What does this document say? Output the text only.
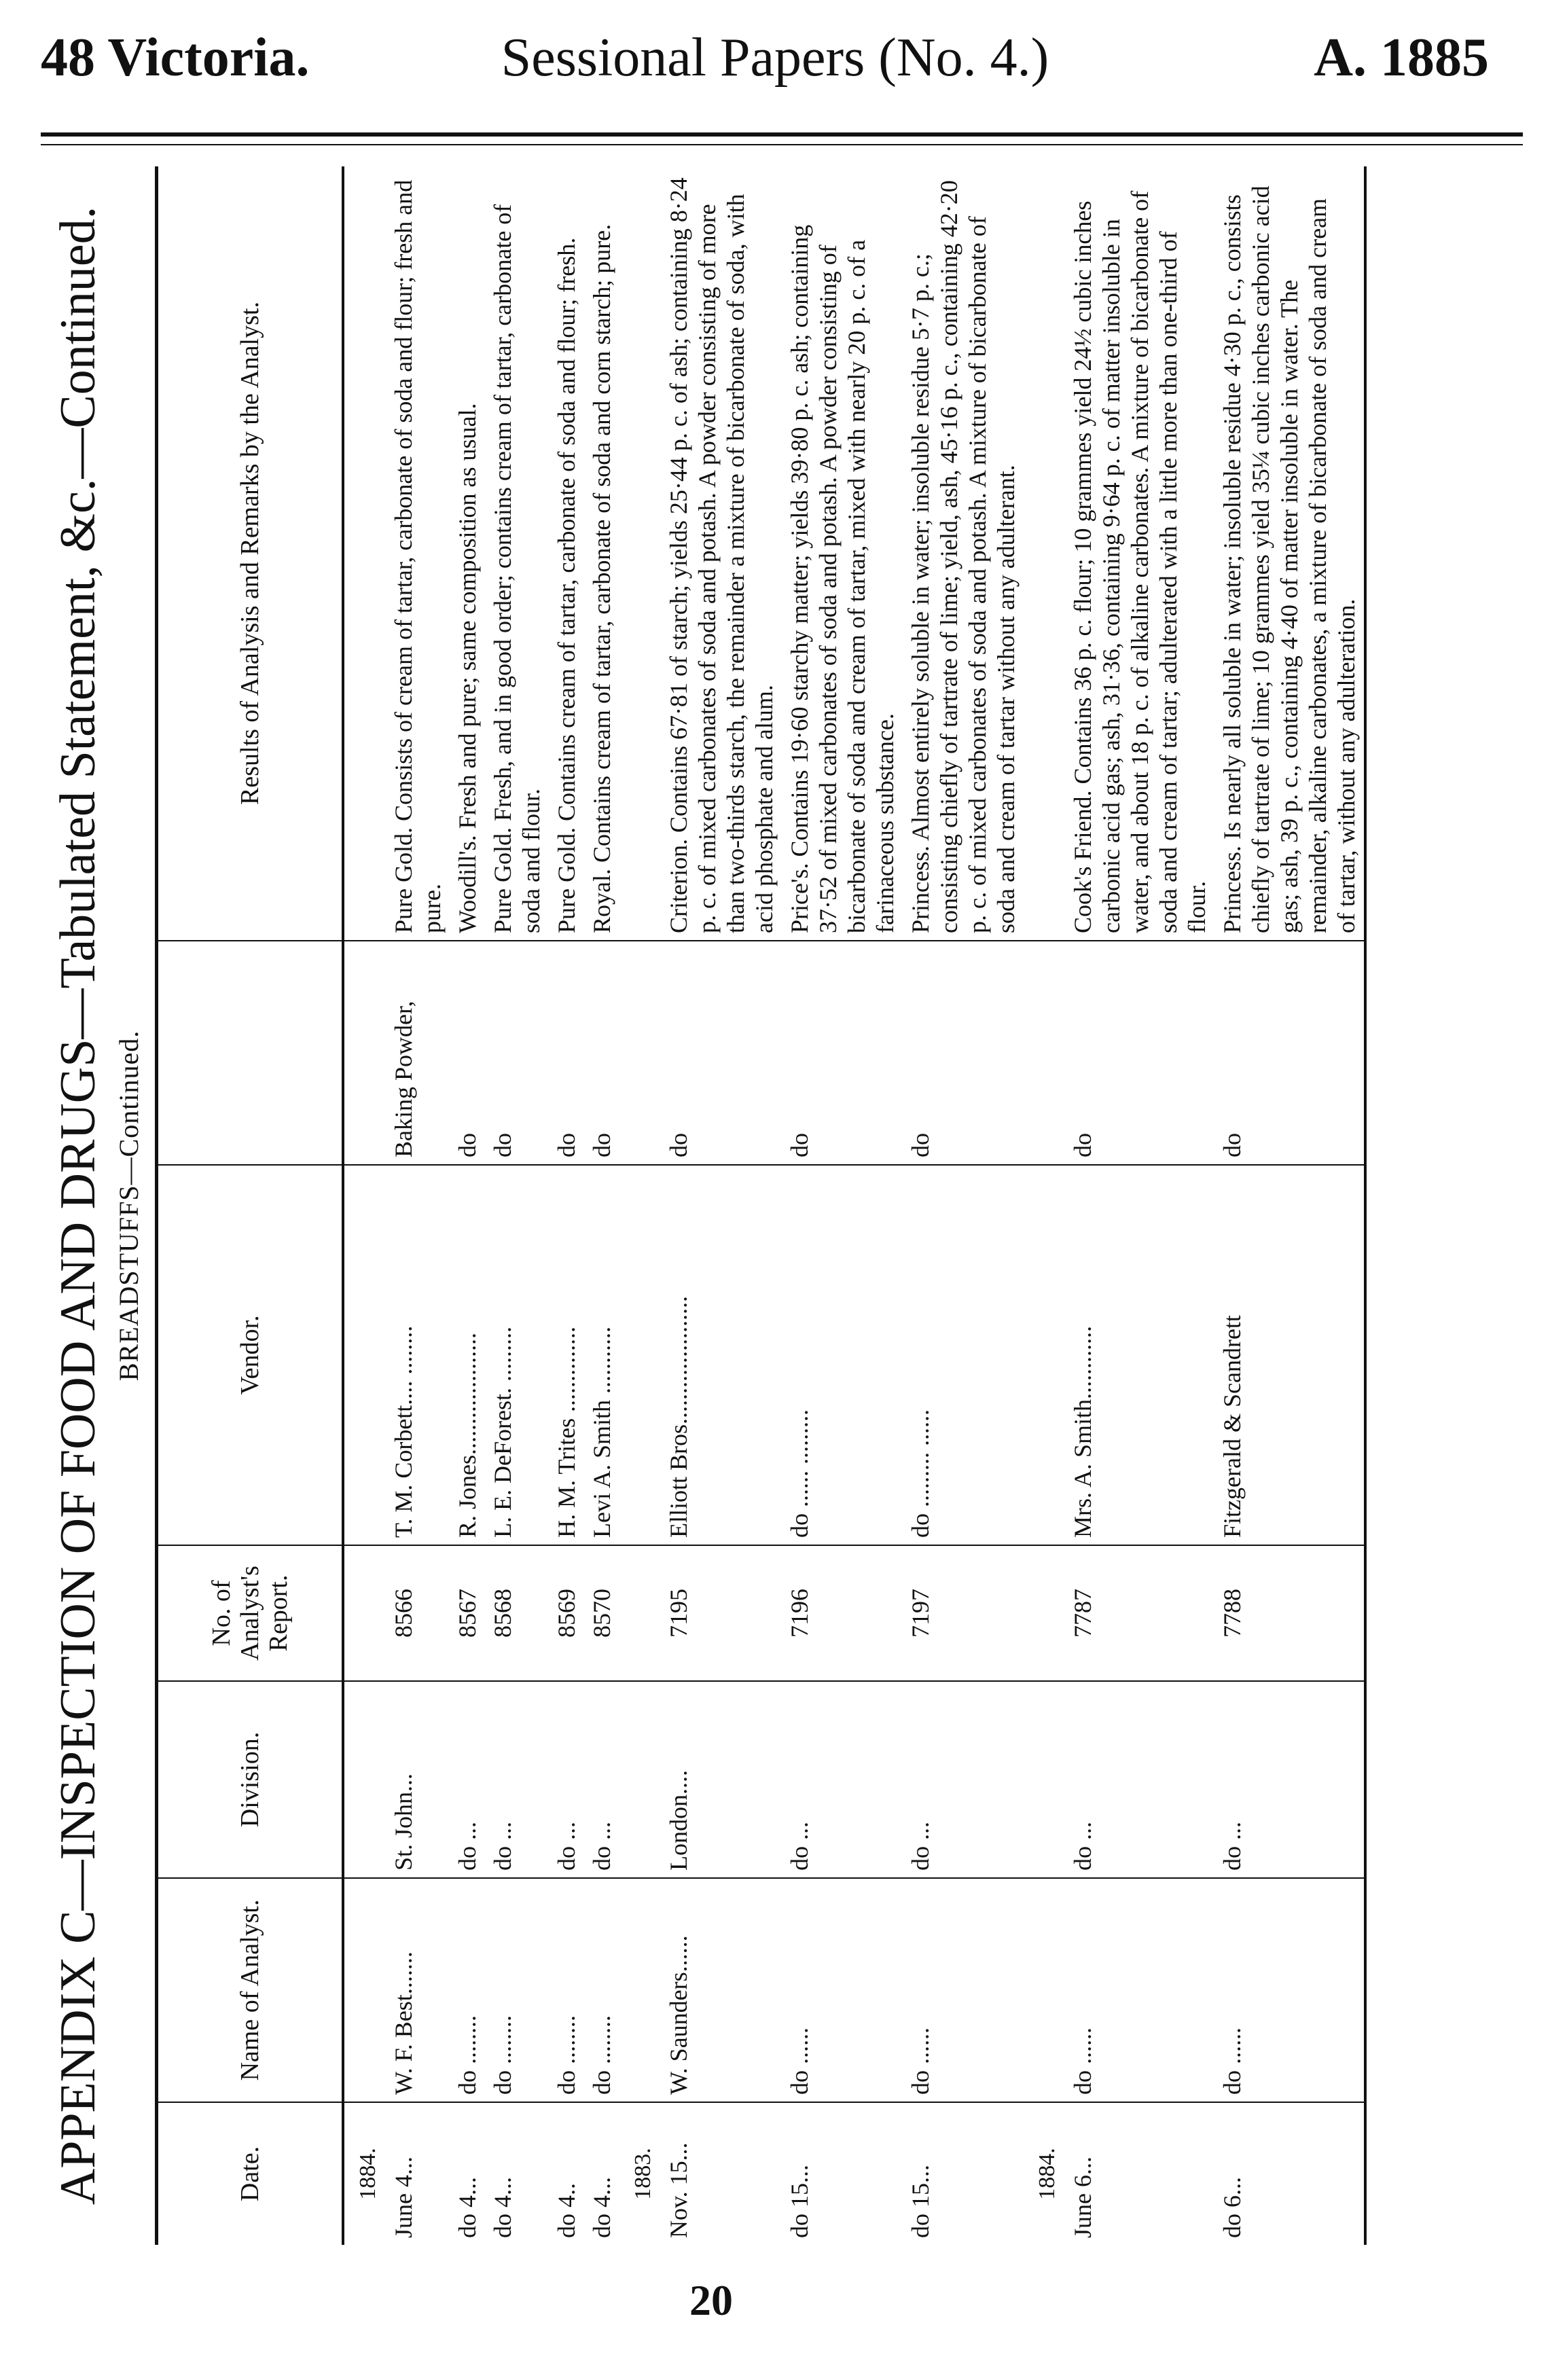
48 Victoria.	Sessional Papers (No. 4.)	A. 1885
APPENDIX C—INSPECTION OF FOOD AND DRUGS—Tabulated Statement, &c.—Continued. BREADSTUFFS—Continued.
Date.	Name of Analyst.	Division.	No. of Analyst's Report.	Vendor.		Results of Analysis and Remarks by the Analyst.
1884.						
June 4...	W. F. Best.......	St. John...	8566	T. M. Corbett.... ........	Baking Powder,	Pure Gold. Consists of cream of tartar, carbonate of soda and flour; fresh and pure.
do 4...	do ........	do ...	8567	R. Jones....................	do	Woodill's. Fresh and pure; same composition as usual.
do 4...	do ........	do ...	8568	L. E. DeForest. .........	do	Pure Gold. Fresh, and in good order; contains cream of tartar, carbonate of soda and flour.
do 4..	do ........	do ...	8569	H. M. Trites ..............	do	Pure Gold. Contains cream of tartar, carbonate of soda and flour; fresh.
do 4...	do ........	do ...	8570	Levi A. Smith ...........	do	Royal. Contains cream of tartar, carbonate of soda and corn starch; pure.
1883.						
Nov. 15...	W. Saunders......	London....	7195	Elliott Bros.....................	do	Criterion. Contains 67·81 of starch; yields 25·44 p. c. of ash; containing 8·24 p. c. of mixed carbonates of soda and potash. A powder consisting of more than two-thirds starch, the remainder a mixture of bicarbonate of soda, with acid phosphate and alum.
do 15...	do ......	do ...	7196	do ...... .........	do	Price's. Contains 19·60 starchy matter; yields 39·80 p. c. ash; containing 37·52 of mixed carbonates of soda and potash. A powder consisting of bicarbonate of soda and cream of tartar, mixed with nearly 20 p. c. of a farinaceous substance.
do 15...	do ......	do ...	7197	do ......... ......	do	Princess. Almost entirely soluble in water; insoluble residue 5·7 p. c.; consisting chiefly of tartrate of lime; yield, ash, 45·16 p. c., containing 42·20 p. c. of mixed carbonates of soda and potash. A mixture of bicarbonate of soda and cream of tartar without any adulterant.
1884.						
June 6...	do ......	do ...	7787	Mrs. A. Smith............	do	Cook's Friend. Contains 36 p. c. flour; 10 grammes yield 24½ cubic inches carbonic acid gas; ash, 31·36, containing 9·64 p. c. of matter insoluble in water, and about 18 p. c. of alkaline carbonates. A mixture of bicarbonate of soda and cream of tartar; adulterated with a little more than one-third of flour.
do 6...	do ......	do ...	7788	Fitzgerald & Scandrett	do	Princess. Is nearly all soluble in water; insoluble residue 4·30 p. c., consists chiefly of tartrate of lime; 10 grammes yield 35¼ cubic inches carbonic acid gas; ash, 39 p. c., containing 4·40 of matter insoluble in water. The remainder, alkaline carbonates, a mixture of bicarbonate of soda and cream of tartar, without any adulteration.
20
